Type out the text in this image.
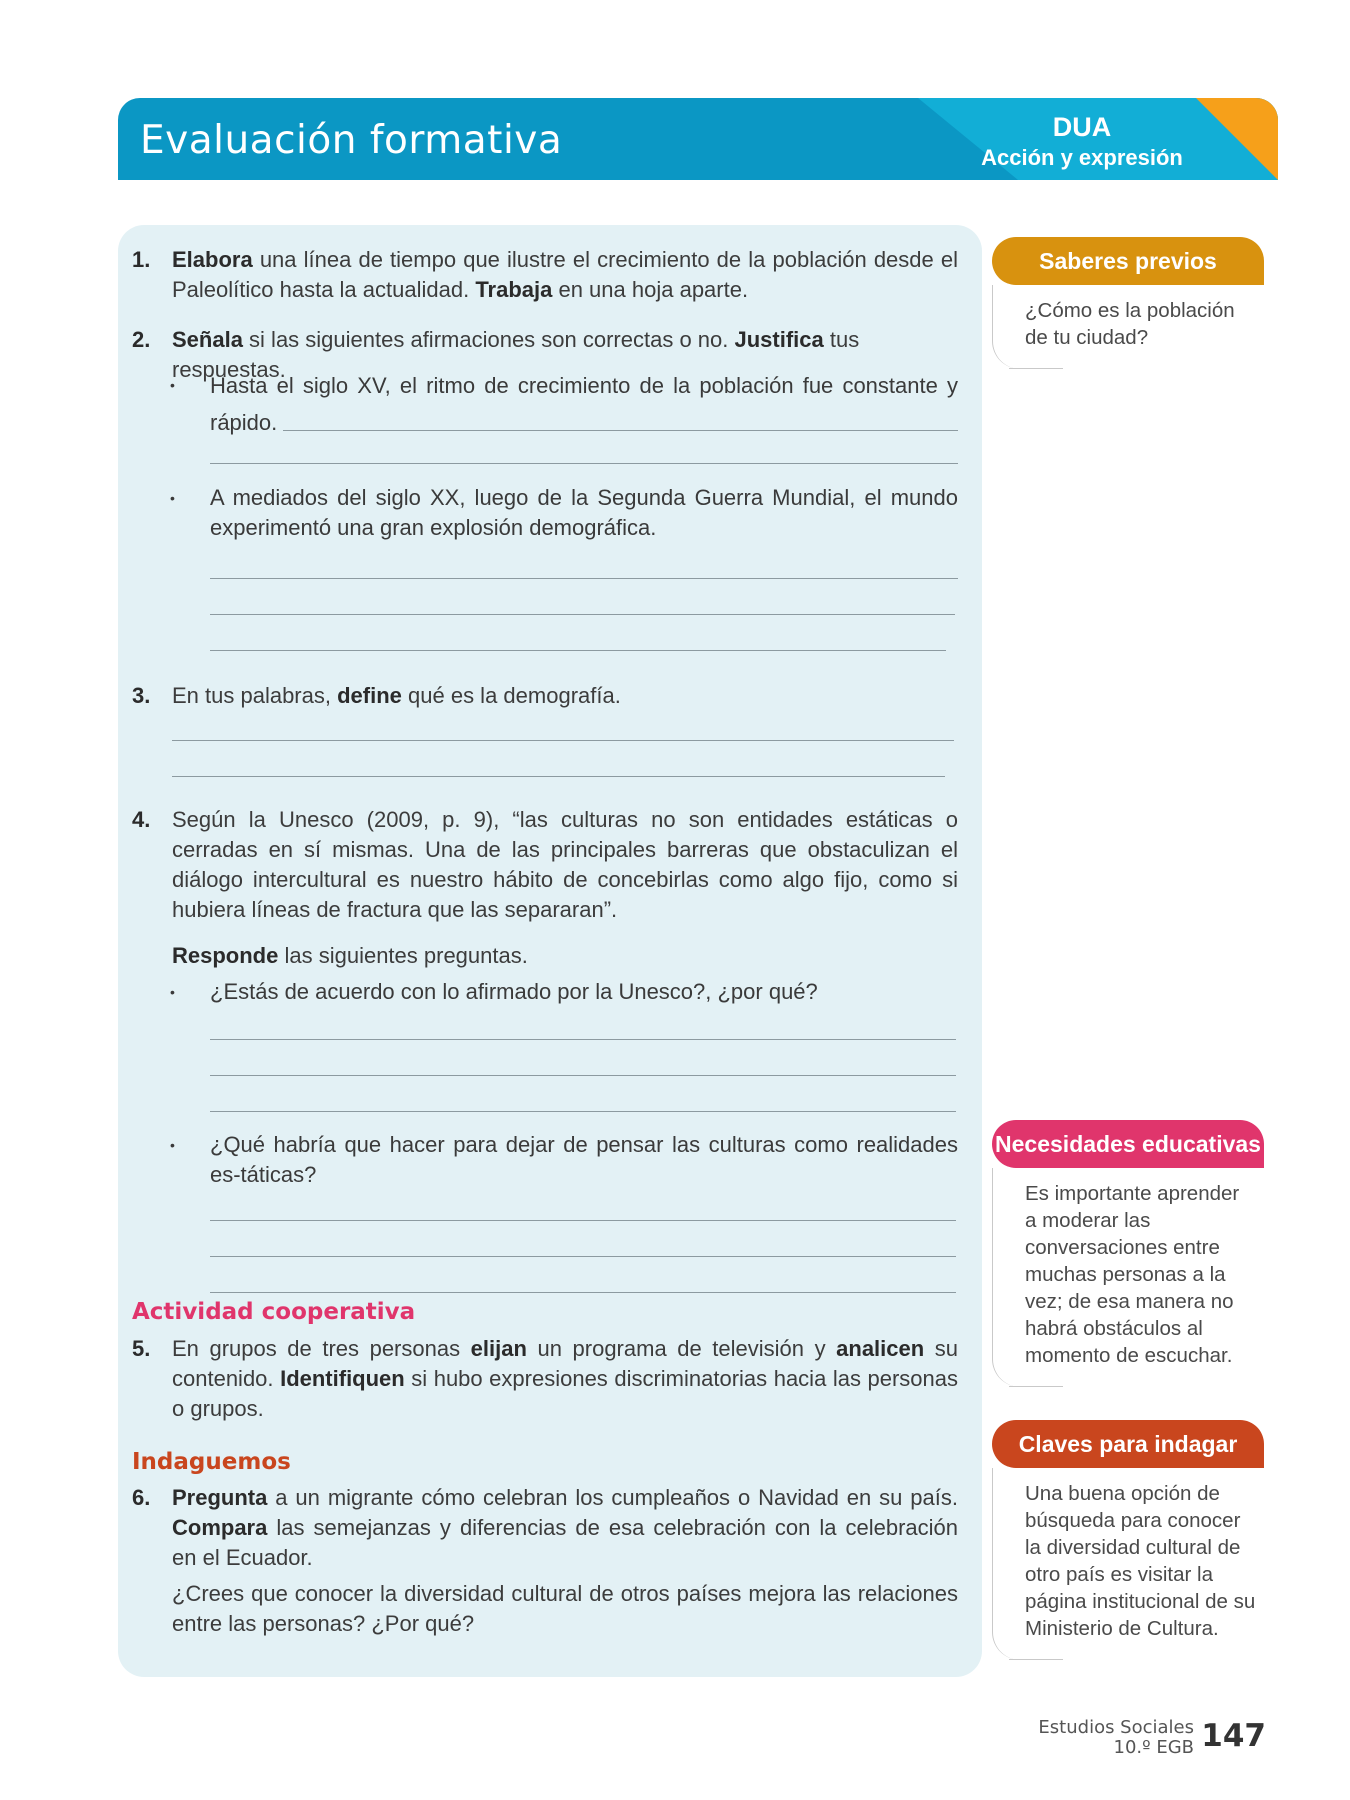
Evaluación formativa	DUA
Acción y expresión
1. Elabora una línea de tiempo que ilustre el crecimiento de la población desde el Paleolítico hasta la actualidad. Trabaja en una hoja aparte.
2. Señala si las siguientes afirmaciones son correctas o no. Justifica tus respuestas.
• Hasta el siglo XV, el ritmo de crecimiento de la población fue constante y rápido.
• A mediados del siglo XX, luego de la Segunda Guerra Mundial, el mundo experimentó una gran explosión demográfica.
3. En tus palabras, define qué es la demografía.
4. Según la Unesco (2009, p. 9), “las culturas no son entidades estáticas o cerradas en sí mismas. Una de las principales barreras que obstaculizan el diálogo intercultural es nuestro hábito de concebirlas como algo fijo, como si hubiera líneas de fractura que las separaran”.
Responde las siguientes preguntas.
• ¿Estás de acuerdo con lo afirmado por la Unesco?, ¿por qué?
• ¿Qué habría que hacer para dejar de pensar las culturas como realidades es-táticas?
Actividad cooperativa
5. En grupos de tres personas elijan un programa de televisión y analicen su contenido. Identifiquen si hubo expresiones discriminatorias hacia las personas o grupos.
Indaguemos
6. Pregunta a un migrante cómo celebran los cumpleaños o Navidad en su país. Compara las semejanzas y diferencias de esa celebración con la celebración en el Ecuador.
¿Crees que conocer la diversidad cultural de otros países mejora las relaciones entre las personas? ¿Por qué?
Saberes previos
¿Cómo es la población de tu ciudad?
Necesidades educativas
Es importante aprender a moderar las conversaciones entre muchas personas a la vez; de esa manera no habrá obstáculos al momento de escuchar.
Claves para indagar
Una buena opción de búsqueda para conocer la diversidad cultural de otro país es visitar la página institucional de su Ministerio de Cultura.
Estudios Sociales
10.º EGB 147
